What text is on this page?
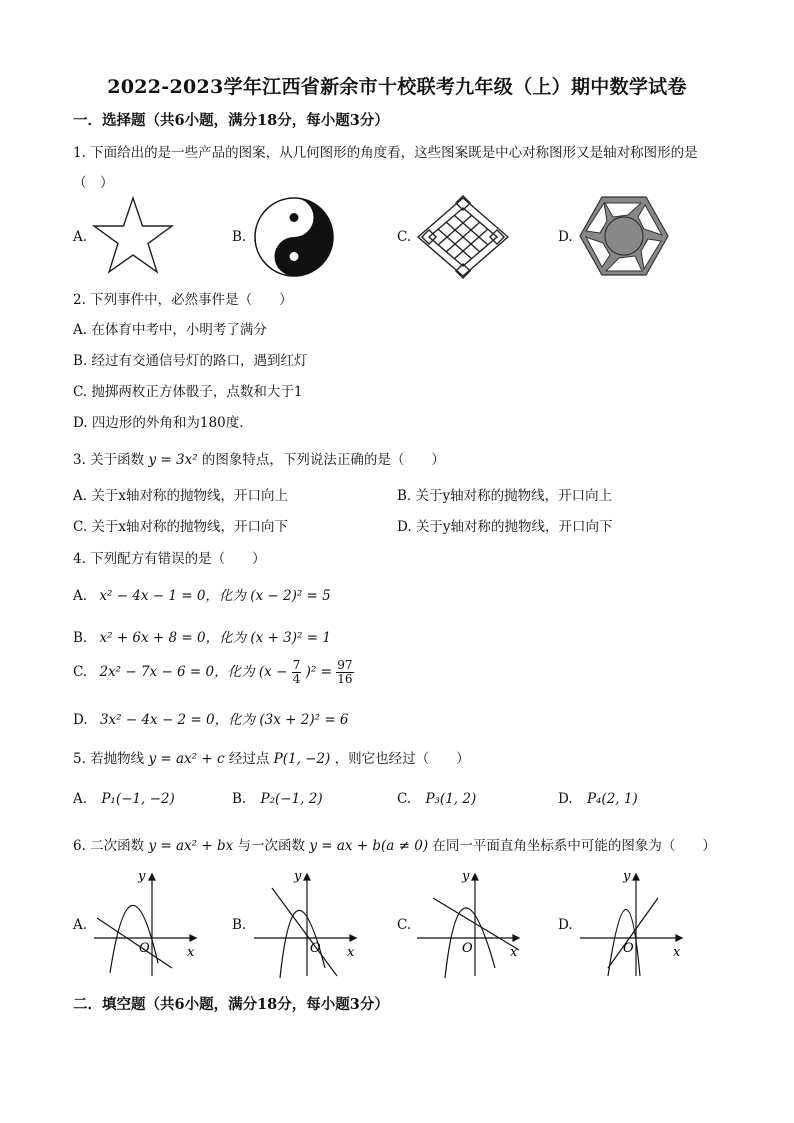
2022-2023学年江西省新余市十校联考九年级（上）期中数学试卷
一．选择题（共6小题，满分18分，每小题3分）
1. 下面给出的是一些产品的图案，从几何图形的角度看，这些图案既是中心对称图形又是轴对称图形的是
（　）
A.	B.	C.	D.
2. 下列事件中，必然事件是（　　）
A. 在体育中考中，小明考了满分
B. 经过有交通信号灯的路口，遇到红灯
C. 抛掷两枚正方体骰子，点数和大于1
D. 四边形的外角和为180度．
3. 关于函数 y = 3x² 的图象特点，下列说法正确的是（　　）
A. 关于x轴对称的抛物线，开口向上	B. 关于y轴对称的抛物线，开口向上
C. 关于x轴对称的抛物线，开口向下	D. 关于y轴对称的抛物线，开口向下
4. 下列配方有错误的是（　　）
A. x² − 4x − 1 = 0，化为 (x − 2)² = 5
B. x² + 6x + 8 = 0，化为 (x + 3)² = 1
C. 2x² − 7x − 6 = 0，化为 $(x - \frac{7}{4} )^2 = \frac{97}{16}$
D. 3x² − 4x − 2 = 0，化为 (3x + 2)² = 6
5. 若抛物线 y = ax² + c 经过点 P(1, −2) ，则它也经过（　　）
A. P₁(−1, −2)	B. P₂(−1, 2)	C. P₃(1, 2)	D. P₄(2, 1)
6. 二次函数 y = ax² + bx 与一次函数 y = ax + b(a ≠ 0) 在同一平面直角坐标系中可能的图象为（　　）
A.
y
x
O
B.
y
x
O
C.
y
x
O
D.
y
x
O
二．填空题（共6小题，满分18分，每小题3分）
